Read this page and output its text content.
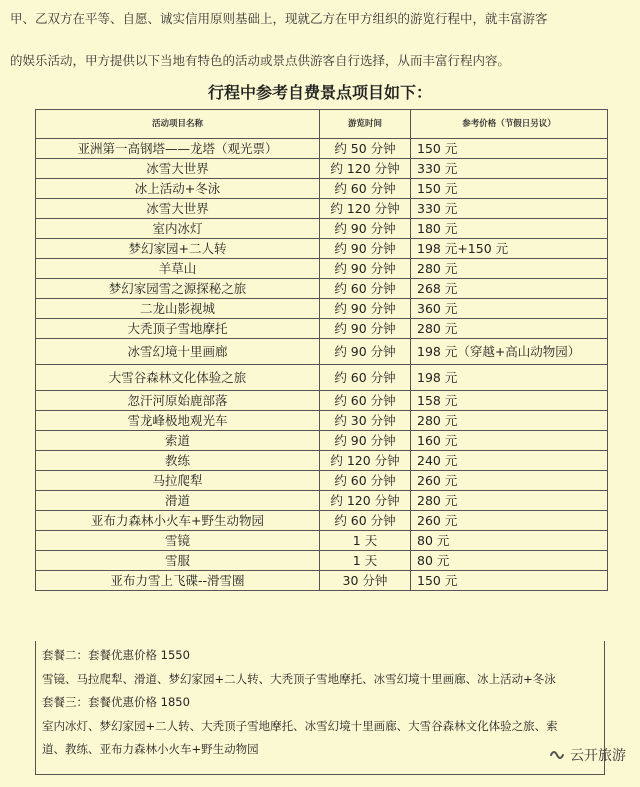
甲、乙双方在平等、自愿、诚实信用原则基础上，现就乙方在甲方组织的游览行程中，就丰富游客

的娱乐活动，甲方提供以下当地有特色的活动或景点供游客自行选择，从而丰富行程内容。

行程中参考自费景点项目如下：
活动项目名称	游览时间	参考价格（节假日另议）
亚洲第一高钢塔——龙塔（观光票）	约 50 分钟	150 元
冰雪大世界	约 120 分钟	330 元
冰上活动+冬泳	约 60 分钟	150 元
冰雪大世界	约 120 分钟	330 元
室内冰灯	约 90 分钟	180 元
梦幻家园+二人转	约 90 分钟	198 元+150 元
羊草山	约 90 分钟	280 元
梦幻家园雪之源探秘之旅	约 60 分钟	268 元
二龙山影视城	约 90 分钟	360 元
大秃顶子雪地摩托	约 90 分钟	280 元
冰雪幻境十里画廊	约 90 分钟	198 元（穿越+高山动物园）
大雪谷森林文化体验之旅	约 60 分钟	198 元
忽汗河原始鹿部落	约 60 分钟	158 元
雪龙峰极地观光车	约 30 分钟	280 元
索道	约 90 分钟	160 元
教练	约 120 分钟	240 元
马拉爬犁	约 60 分钟	260 元
滑道	约 120 分钟	280 元
亚布力森林小火车+野生动物园	约 60 分钟	260 元
雪镜	1 天	80 元
雪服	1 天	80 元
亚布力雪上飞碟--滑雪圈	30 分钟	150 元
套餐二：套餐优惠价格 1550
雪镜、马拉爬犁、滑道、梦幻家园+二人转、大秃顶子雪地摩托、冰雪幻境十里画廊、冰上活动+冬泳
套餐三：套餐优惠价格 1850
室内冰灯、梦幻家园+二人转、大秃顶子雪地摩托、冰雪幻境十里画廊、大雪谷森林文化体验之旅、索
道、教练、亚布力森林小火车+野生动物园	云开旅游
